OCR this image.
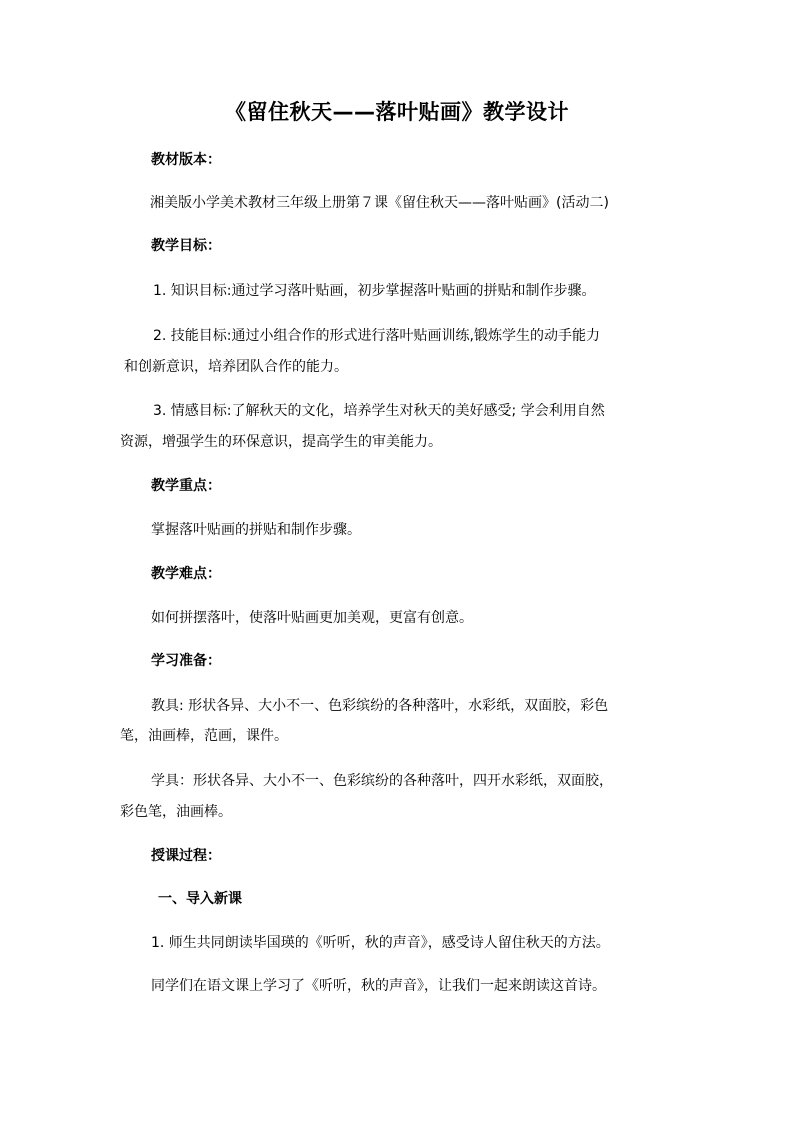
《留住秋天——落叶贴画》教学设计
教材版本：
湘美版小学美术教材三年级上册第７课《留住秋天——落叶贴画》(活动二)
教学目标：
1. 知识目标:通过学习落叶贴画，初步掌握落叶贴画的拼贴和制作步骤。
2. 技能目标:通过小组合作的形式进行落叶贴画训练,锻炼学生的动手能力
和创新意识，培养团队合作的能力。
3. 情感目标:了解秋天的文化，培养学生对秋天的美好感受; 学会利用自然
资源，增强学生的环保意识，提高学生的审美能力。
教学重点：
掌握落叶贴画的拼贴和制作步骤。
教学难点：
如何拼摆落叶，使落叶贴画更加美观，更富有创意。
学习准备：
教具: 形状各异、大小不一、色彩缤纷的各种落叶，水彩纸，双面胶，彩色
笔，油画棒，范画，课件。
学具：形状各异、大小不一、色彩缤纷的各种落叶，四开水彩纸，双面胶，
彩色笔，油画棒。
授课过程：
一、导入新课
1. 师生共同朗读毕国瑛的《听听，秋的声音》，感受诗人留住秋天的方法。
同学们在语文课上学习了《听听，秋的声音》，让我们一起来朗读这首诗。
